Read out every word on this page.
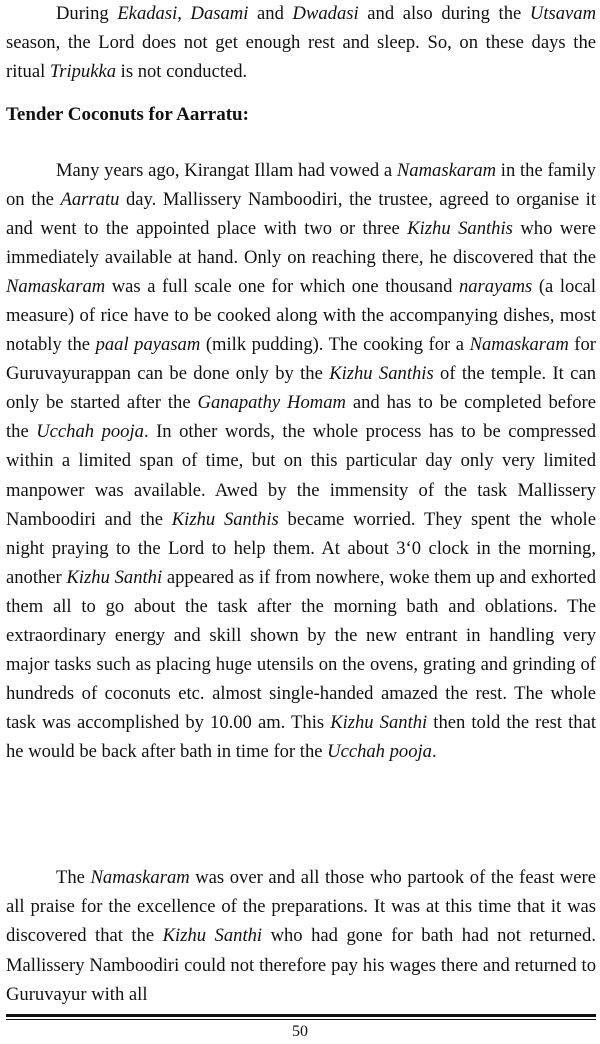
During Ekadasi, Dasami and Dwadasi and also during the Utsavam season, the Lord does not get enough rest and sleep. So, on these days the ritual Tripukka is not conducted.

Tender Coconuts for Aarratu:

Many years ago, Kirangat Illam had vowed a Namaskaram in the family on the Aarratu day. Mallissery Namboodiri, the trustee, agreed to organise it and went to the appointed place with two or three Kizhu Santhis who were immediately available at hand. Only on reaching there, he discovered that the Namaskaram was a full scale one for which one thousand narayams (a local measure) of rice have to be cooked along with the accompanying dishes, most notably the paal payasam (milk pudding). The cooking for a Namaskaram for Guruvayurappan can be done only by the Kizhu Santhis of the temple. It can only be started after the Ganapathy Homam and has to be completed before the Ucchah pooja. In other words, the whole process has to be compressed within a limited span of time, but on this particular day only very limited manpower was available. Awed by the immensity of the task Mallissery Namboodiri and the Kizhu Santhis became worried. They spent the whole night praying to the Lord to help them. At about 3‘0 clock in the morning, another Kizhu Santhi appeared as if from nowhere, woke them up and exhorted them all to go about the task after the morning bath and oblations. The extraordinary energy and skill shown by the new entrant in handling very major tasks such as placing huge utensils on the ovens, grating and grinding of hundreds of coconuts etc. almost single-handed amazed the rest. The whole task was accomplished by 10.00 am. This Kizhu Santhi then told the rest that he would be back after bath in time for the Ucchah pooja.

The Namaskaram was over and all those who partook of the feast were all praise for the excellence of the preparations. It was at this time that it was discovered that the Kizhu Santhi who had gone for bath had not returned. Mallissery Namboodiri could not therefore pay his wages there and returned to Guruvayur with all

50
